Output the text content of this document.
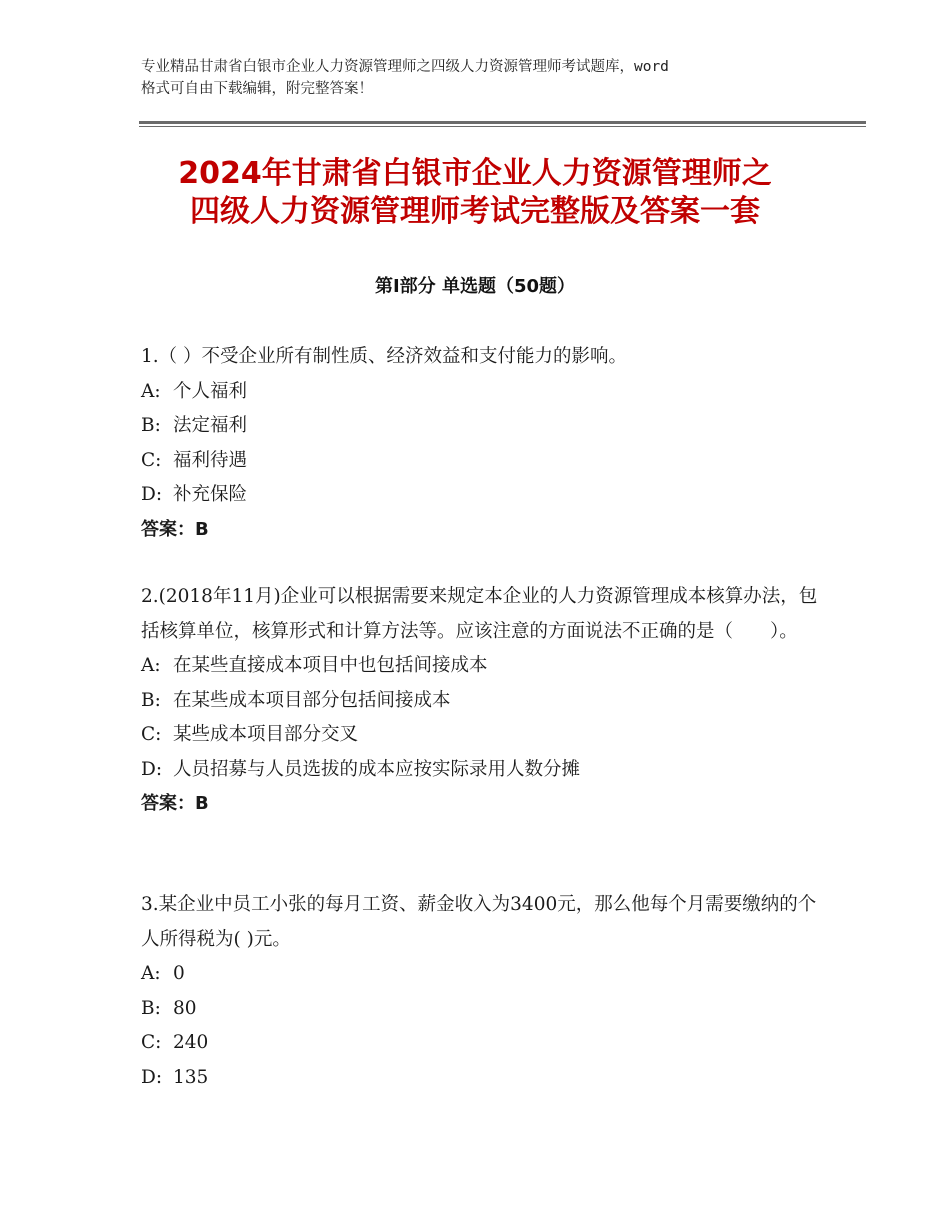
专业精品甘肃省白银市企业人力资源管理师之四级人力资源管理师考试题库，word
格式可自由下载编辑，附完整答案！
2024年甘肃省白银市企业人力资源管理师之
四级人力资源管理师考试完整版及答案一套
第Ⅰ部分 单选题（50题）
1.（ ）不受企业所有制性质、经济效益和支付能力的影响。
A: 个人福利
B: 法定福利
C: 福利待遇
D: 补充保险
答案：B
2.(2018年11月)企业可以根据需要来规定本企业的人力资源管理成本核算办法，包括核算单位，核算形式和计算方法等。应该注意的方面说法不正确的是（　　）。
A: 在某些直接成本项目中也包括间接成本
B: 在某些成本项目部分包括间接成本
C: 某些成本项目部分交叉
D: 人员招募与人员选拔的成本应按实际录用人数分摊
答案：B
3.某企业中员工小张的每月工资、薪金收入为3400元，那么他每个月需要缴纳的个人所得税为( )元。
A: 0
B: 80
C: 240
D: 135
